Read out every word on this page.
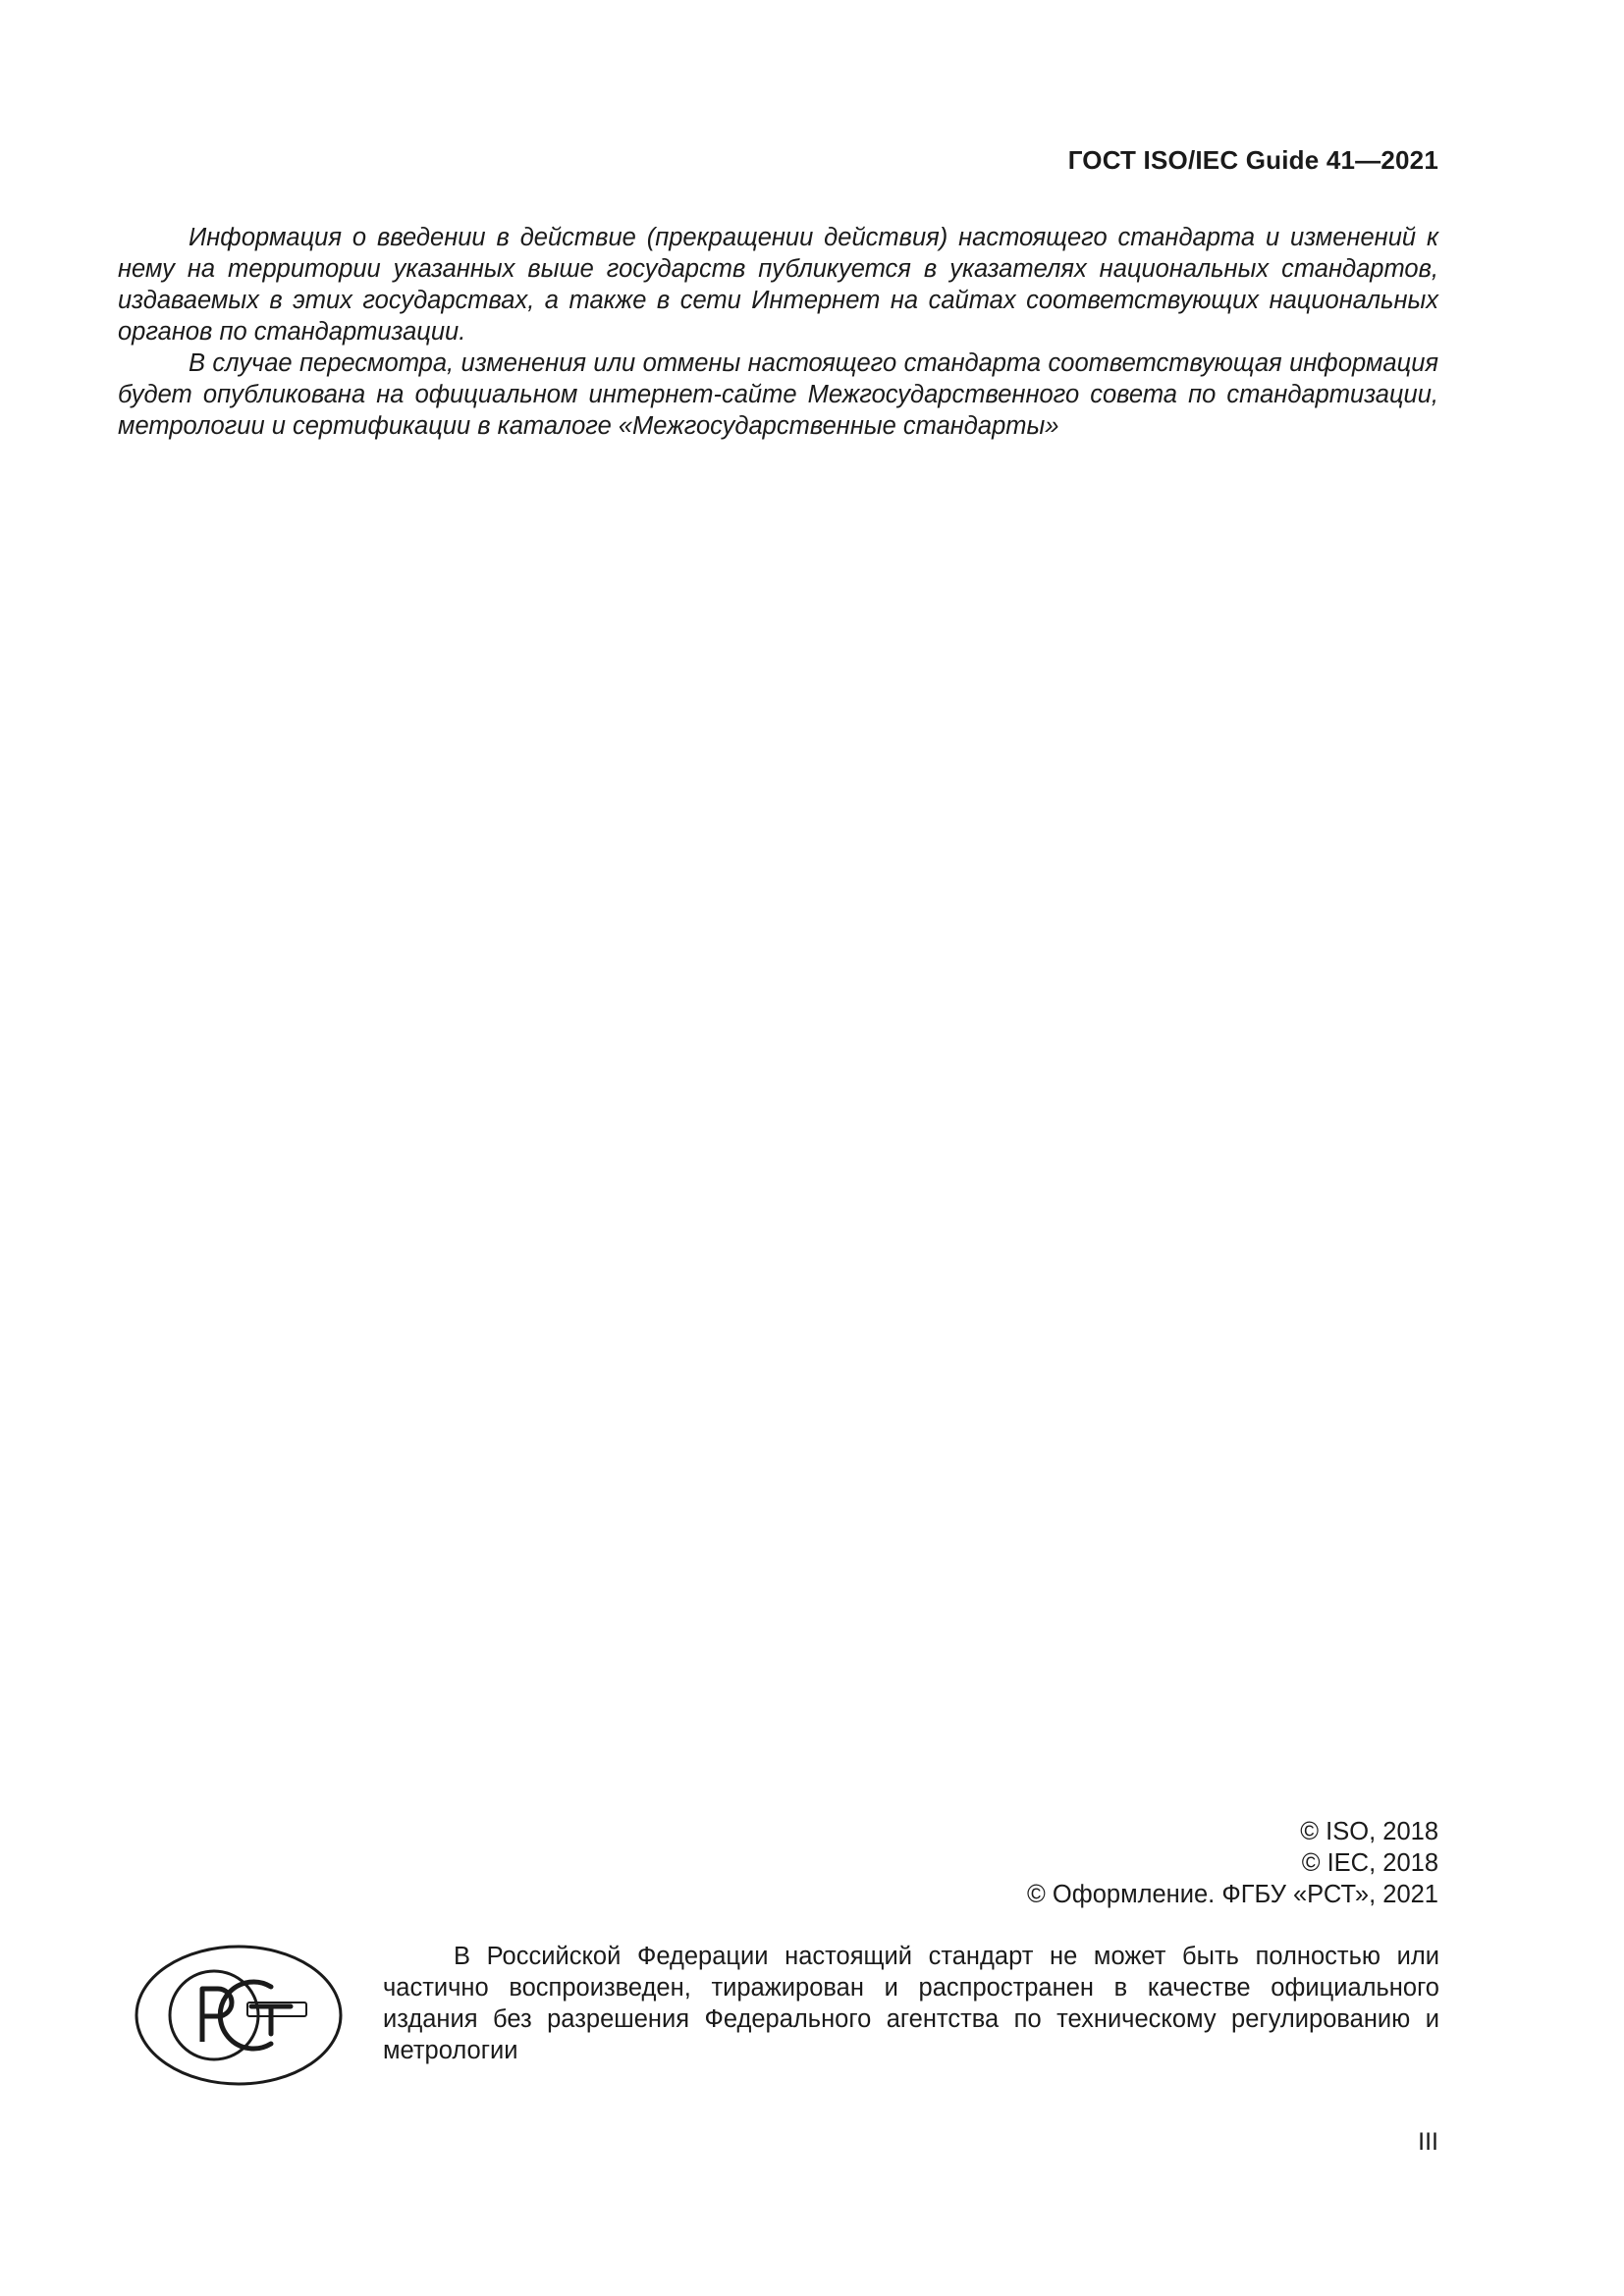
ГОСТ ISO/IEC Guide 41—2021

Информация о введении в действие (прекращении действия) настоящего стандарта и изменений к нему на территории указанных выше государств публикуется в указателях национальных стандартов, издаваемых в этих государствах, а также в сети Интернет на сайтах соответствующих национальных органов по стандартизации.

В случае пересмотра, изменения или отмены настоящего стандарта соответствующая информация будет опубликована на официальном интернет-сайте Межгосударственного совета по стандартизации, метрологии и сертификации в каталоге «Межгосударственные стандарты»

© ISO, 2018
© IEC, 2018
© Оформление. ФГБУ «РСТ», 2021

В Российской Федерации настоящий стандарт не может быть полностью или частично воспроизведен, тиражирован и распространен в качестве официального издания без разрешения Федерального агентства по техническому регулированию и метрологии

III
